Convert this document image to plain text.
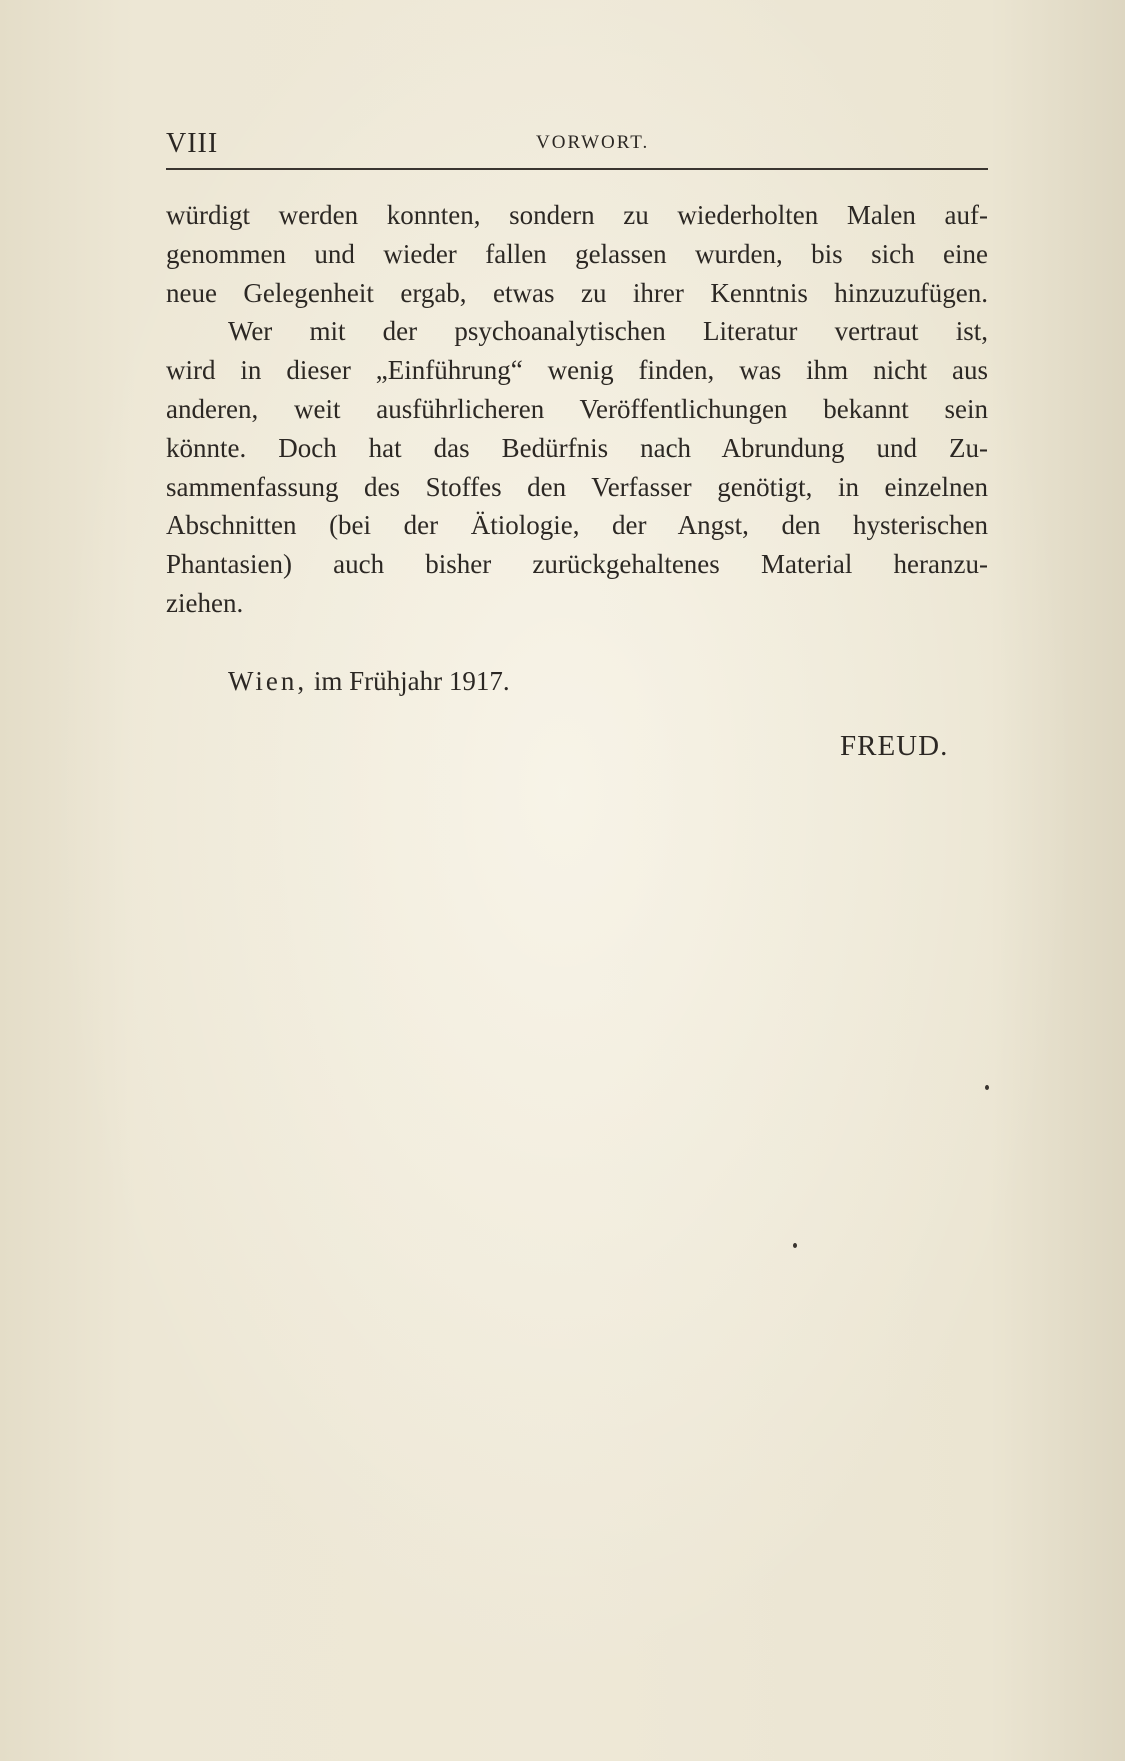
VIII	VORWORT.
würdigt werden konnten, sondern zu wiederholten Malen auf-
genommen und wieder fallen gelassen wurden, bis sich eine
neue Gelegenheit ergab, etwas zu ihrer Kenntnis hinzuzufügen.
Wer mit der psychoanalytischen Literatur vertraut ist,
wird in dieser „Einführung“ wenig finden, was ihm nicht aus
anderen, weit ausführlicheren Veröffentlichungen bekannt sein
könnte. Doch hat das Bedürfnis nach Abrundung und Zu-
sammenfassung des Stoffes den Verfasser genötigt, in einzelnen
Abschnitten (bei der Ätiologie, der Angst, den hysterischen
Phantasien) auch bisher zurückgehaltenes Material heranzu-
ziehen.
Wien, im Frühjahr 1917.
FREUD.
